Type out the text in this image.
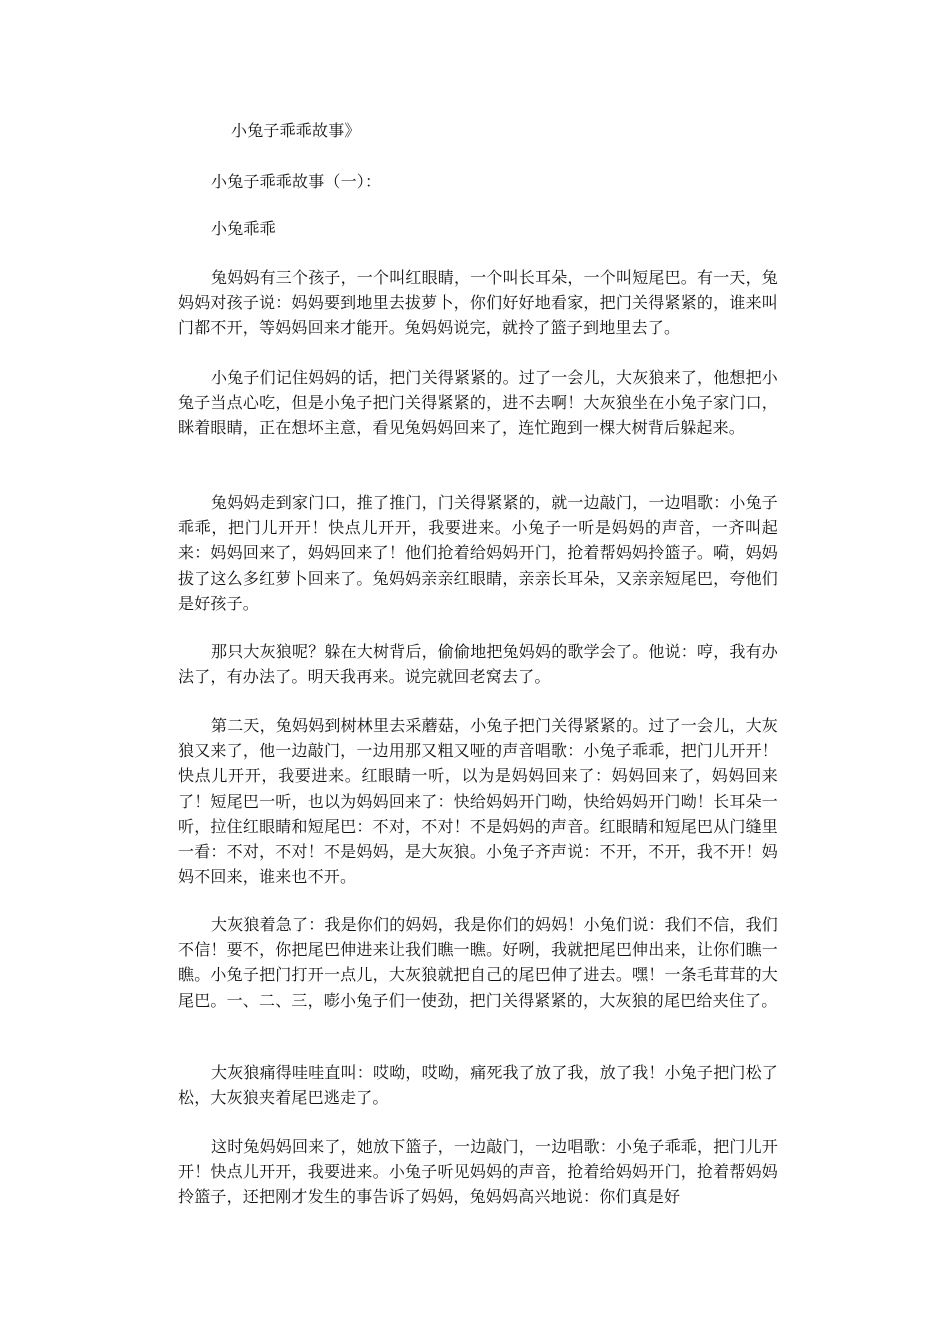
小兔子乖乖故事》
小兔子乖乖故事（一）：
小兔乖乖

兔妈妈有三个孩子，一个叫红眼睛，一个叫长耳朵，一个叫短尾巴。有一天，兔妈妈对孩子说：妈妈要到地里去拔萝卜，你们好好地看家，把门关得紧紧的，谁来叫门都不开，等妈妈回来才能开。兔妈妈说完，就拎了篮子到地里去了。

小兔子们记住妈妈的话，把门关得紧紧的。过了一会儿，大灰狼来了，他想把小兔子当点心吃，但是小兔子把门关得紧紧的，进不去啊！大灰狼坐在小兔子家门口，眯着眼睛，正在想坏主意，看见兔妈妈回来了，连忙跑到一棵大树背后躲起来。

兔妈妈走到家门口，推了推门，门关得紧紧的，就一边敲门，一边唱歌：小兔子乖乖，把门儿开开！快点儿开开，我要进来。小兔子一听是妈妈的声音，一齐叫起来：妈妈回来了，妈妈回来了！他们抢着给妈妈开门，抢着帮妈妈拎篮子。嗬，妈妈拔了这么多红萝卜回来了。兔妈妈亲亲红眼睛，亲亲长耳朵，又亲亲短尾巴，夸他们是好孩子。

那只大灰狼呢？躲在大树背后，偷偷地把兔妈妈的歌学会了。他说：哼，我有办法了，有办法了。明天我再来。说完就回老窝去了。

第二天，兔妈妈到树林里去采蘑菇，小兔子把门关得紧紧的。过了一会儿，大灰狼又来了，他一边敲门，一边用那又粗又哑的声音唱歌：小兔子乖乖，把门儿开开！快点儿开开，我要进来。红眼睛一听，以为是妈妈回来了：妈妈回来了，妈妈回来了！短尾巴一听，也以为妈妈回来了：快给妈妈开门呦，快给妈妈开门呦！长耳朵一听，拉住红眼睛和短尾巴：不对，不对！不是妈妈的声音。红眼睛和短尾巴从门缝里一看：不对，不对！不是妈妈，是大灰狼。小兔子齐声说：不开，不开，我不开！妈妈不回来，谁来也不开。

大灰狼着急了：我是你们的妈妈，我是你们的妈妈！小兔们说：我们不信，我们不信！要不，你把尾巴伸进来让我们瞧一瞧。好咧，我就把尾巴伸出来，让你们瞧一瞧。小兔子把门打开一点儿，大灰狼就把自己的尾巴伸了进去。嘿！一条毛茸茸的大尾巴。一、二、三，嘭小兔子们一使劲，把门关得紧紧的，大灰狼的尾巴给夹住了。

大灰狼痛得哇哇直叫：哎呦，哎呦，痛死我了放了我，放了我！小兔子把门松了松，大灰狼夹着尾巴逃走了。

这时兔妈妈回来了，她放下篮子，一边敲门，一边唱歌：小兔子乖乖，把门儿开开！快点儿开开，我要进来。小兔子听见妈妈的声音，抢着给妈妈开门，抢着帮妈妈拎篮子，还把刚才发生的事告诉了妈妈，兔妈妈高兴地说：你们真是好
